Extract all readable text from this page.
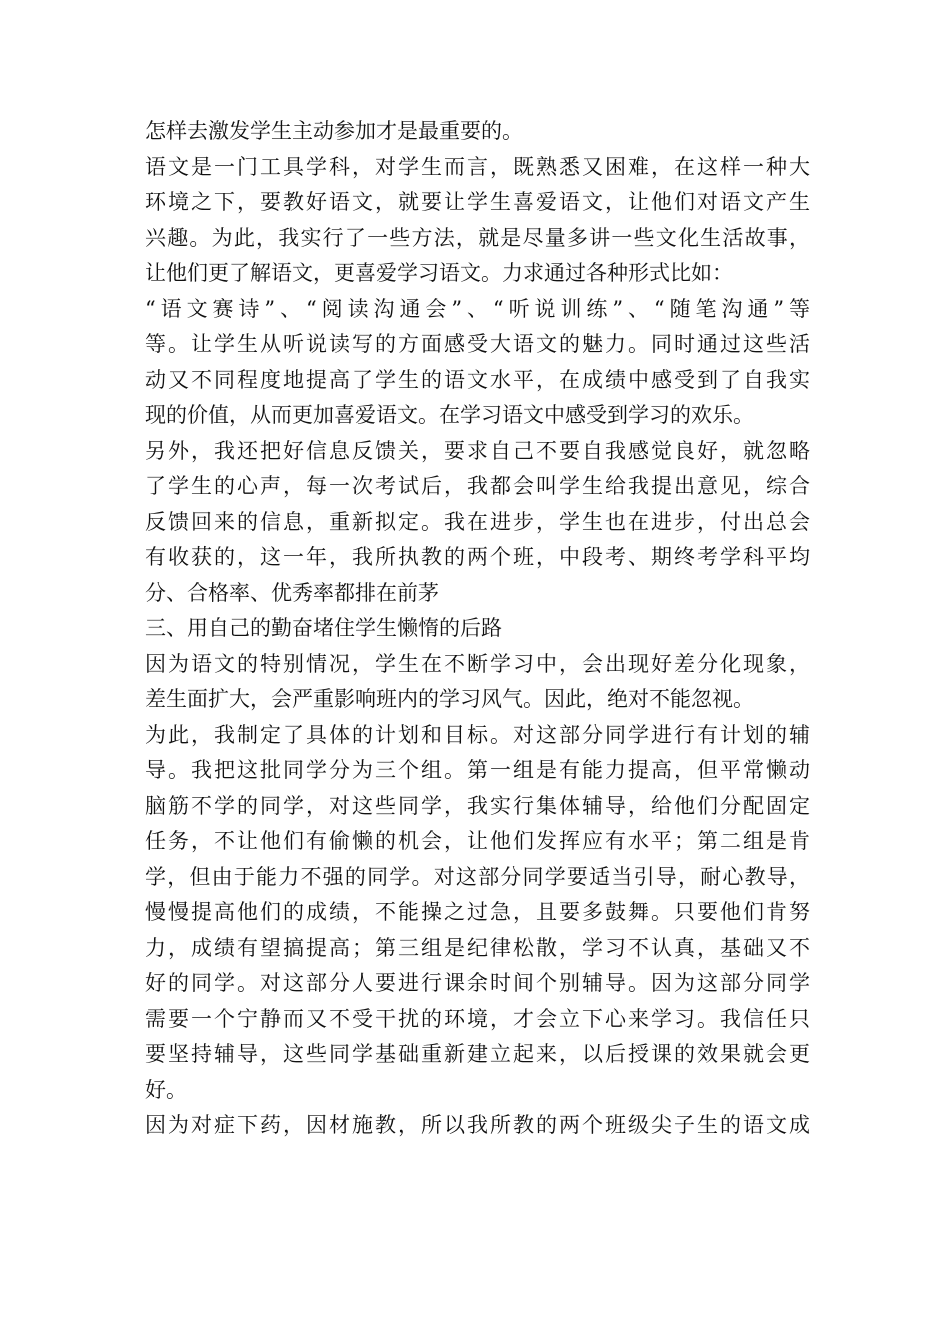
怎样去激发学生主动参加才是最重要的。
语文是一门工具学科，对学生而言，既熟悉又困难，在这样一种大
环境之下，要教好语文，就要让学生喜爱语文，让他们对语文产生
兴趣。为此，我实行了一些方法，就是尽量多讲一些文化生活故事，
让他们更了解语文，更喜爱学习语文。力求通过各种形式比如：
“语文赛诗”、“阅读沟通会”、“听说训练”、“随笔沟通”等
等。让学生从听说读写的方面感受大语文的魅力。同时通过这些活
动又不同程度地提高了学生的语文水平，在成绩中感受到了自我实
现的价值，从而更加喜爱语文。在学习语文中感受到学习的欢乐。
另外，我还把好信息反馈关，要求自己不要自我感觉良好，就忽略
了学生的心声，每一次考试后，我都会叫学生给我提出意见，综合
反馈回来的信息，重新拟定。我在进步，学生也在进步，付出总会
有收获的，这一年，我所执教的两个班，中段考、期终考学科平均
分、合格率、优秀率都排在前茅
三、用自己的勤奋堵住学生懒惰的后路
因为语文的特别情况，学生在不断学习中，会出现好差分化现象，
差生面扩大，会严重影响班内的学习风气。因此，绝对不能忽视。
为此，我制定了具体的计划和目标。对这部分同学进行有计划的辅
导。我把这批同学分为三个组。第一组是有能力提高，但平常懒动
脑筋不学的同学，对这些同学，我实行集体辅导，给他们分配固定
任务，不让他们有偷懒的机会，让他们发挥应有水平；第二组是肯
学，但由于能力不强的同学。对这部分同学要适当引导，耐心教导，
慢慢提高他们的成绩，不能操之过急，且要多鼓舞。只要他们肯努
力，成绩有望搞提高；第三组是纪律松散，学习不认真，基础又不
好的同学。对这部分人要进行课余时间个别辅导。因为这部分同学
需要一个宁静而又不受干扰的环境，才会立下心来学习。我信任只
要坚持辅导，这些同学基础重新建立起来，以后授课的效果就会更
好。
因为对症下药，因材施教，所以我所教的两个班级尖子生的语文成
